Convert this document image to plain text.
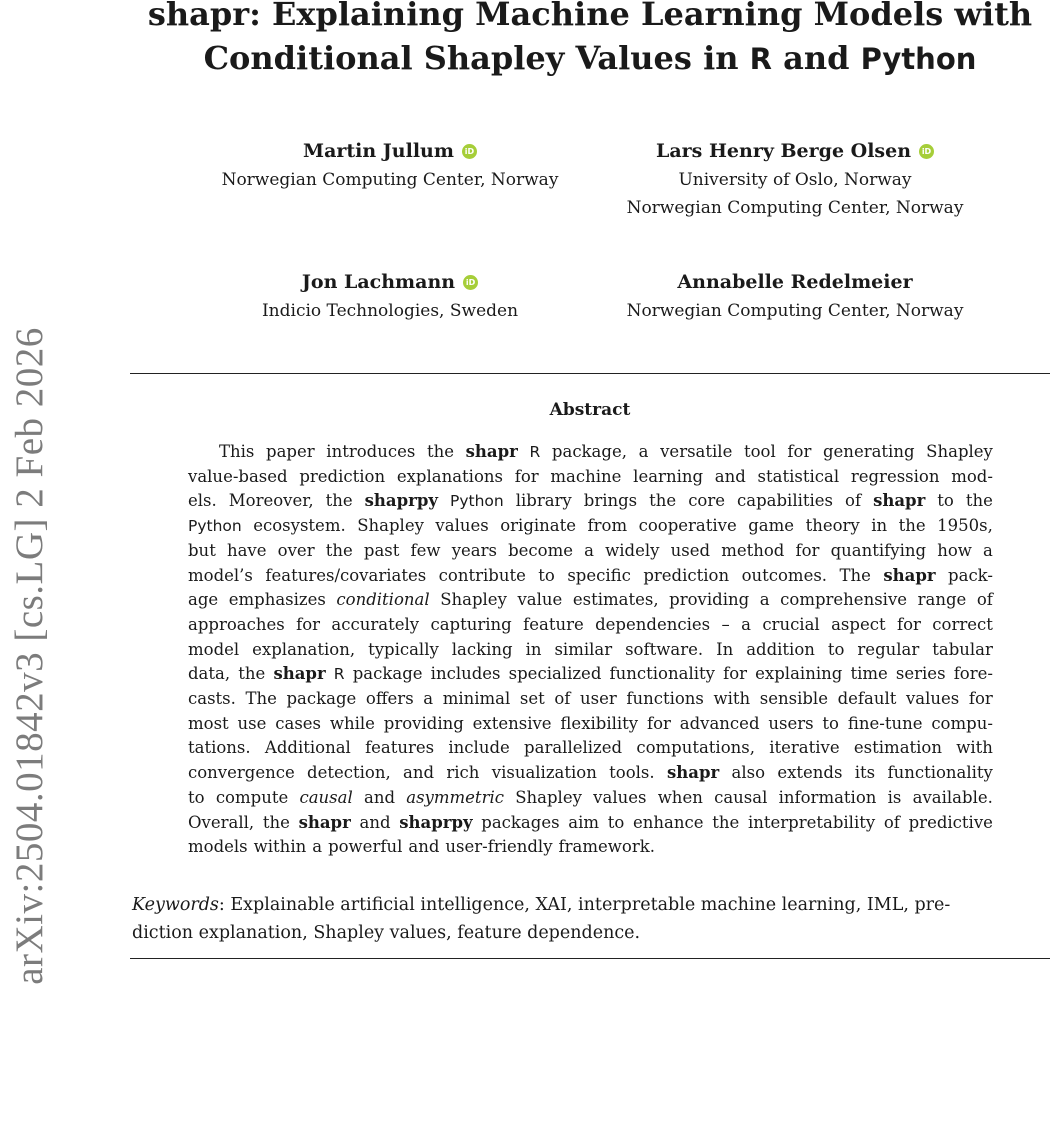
arXiv:2504.01842v3 [cs.LG] 2 Feb 2026
shapr: Explaining Machine Learning Models with
Conditional Shapley Values in R and Python
Martin Jullum	iD
Norwegian Computing Center, Norway
Lars Henry Berge Olsen	iD
University of Oslo, Norway
Norwegian Computing Center, Norway
Jon Lachmann	iD
Indicio Technologies, Sweden
Annabelle Redelmeier
Norwegian Computing Center, Norway
Abstract
This paper introduces the shapr R package, a versatile tool for generating Shapley
value-based prediction explanations for machine learning and statistical regression mod-
els. Moreover, the shaprpy Python library brings the core capabilities of shapr to the
Python ecosystem. Shapley values originate from cooperative game theory in the 1950s,
but have over the past few years become a widely used method for quantifying how a
model’s features/covariates contribute to specific prediction outcomes. The shapr pack-
age emphasizes conditional Shapley value estimates, providing a comprehensive range of
approaches for accurately capturing feature dependencies – a crucial aspect for correct
model explanation, typically lacking in similar software. In addition to regular tabular
data, the shapr R package includes specialized functionality for explaining time series fore-
casts. The package offers a minimal set of user functions with sensible default values for
most use cases while providing extensive flexibility for advanced users to fine-tune compu-
tations. Additional features include parallelized computations, iterative estimation with
convergence detection, and rich visualization tools. shapr also extends its functionality
to compute causal and asymmetric Shapley values when causal information is available.
Overall, the shapr and shaprpy packages aim to enhance the interpretability of predictive
models within a powerful and user-friendly framework.
Keywords: Explainable artificial intelligence, XAI, interpretable machine learning, IML, pre-
diction explanation, Shapley values, feature dependence.
